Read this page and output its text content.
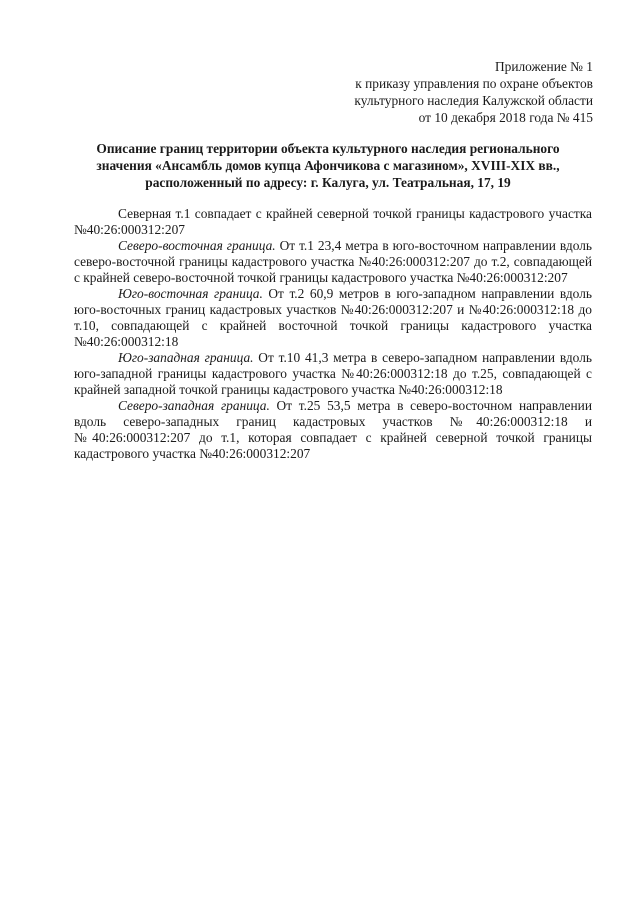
Приложение № 1
к приказу управления по охране объектов
культурного наследия Калужской области
от 10 декабря 2018 года № 415
Описание границ территории объекта культурного наследия регионального
значения «Ансамбль домов купца Афончикова с магазином», XVIII-XIX вв.,
расположенный по адресу: г. Калуга, ул. Театральная, 17, 19

Северная т.1 совпадает с крайней северной точкой границы кадастрового участка №40:26:000312:207

Северо-восточная граница. От т.1 23,4 метра в юго-восточном направлении вдоль северо-восточной границы кадастрового участка №40:26:000312:207 до т.2, совпадающей с крайней северо-восточной точкой границы кадастрового участка №40:26:000312:207

Юго-восточная граница. От т.2 60,9 метров в юго-западном направлении вдоль юго-восточных границ кадастровых участков №40:26:000312:207 и №40:26:000312:18 до т.10, совпадающей с крайней восточной точкой границы кадастрового участка №40:26:000312:18

Юго-западная граница. От т.10 41,3 метра в северо-западном направлении вдоль юго-западной границы кадастрового участка №40:26:000312:18 до т.25, совпадающей с крайней западной точкой границы кадастрового участка №40:26:000312:18

Северо-западная граница. От т.25 53,5 метра в северо-восточном направлении вдоль северо-западных границ кадастровых участков №40:26:000312:18 и №40:26:000312:207 до т.1, которая совпадает с крайней северной точкой границы кадастрового участка №40:26:000312:207
